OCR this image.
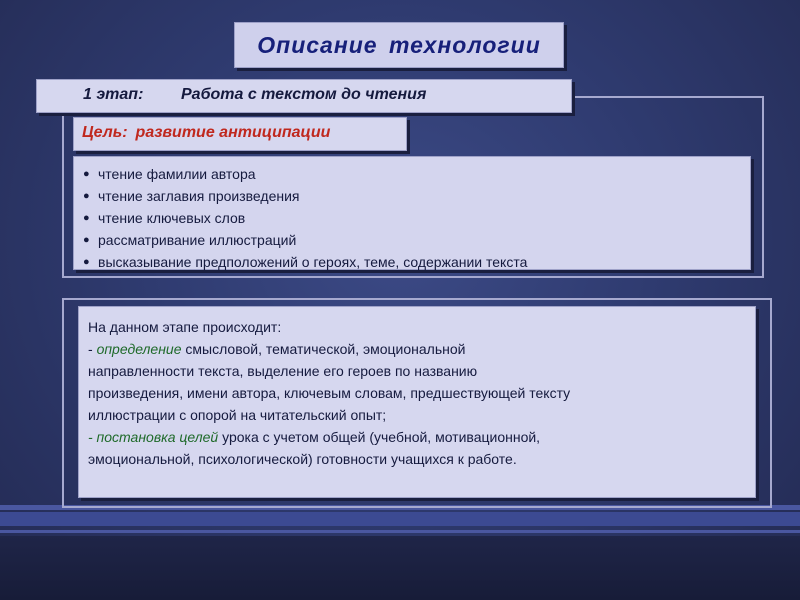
Описание технологии
1 этап: Работа с текстом до чтения
Цель: развитие антиципации
● чтение фамилии автора
● чтение заглавия произведения
● чтение ключевых слов
● рассматривание иллюстраций
● высказывание предположений о героях, теме, содержании текста
На данном этапе происходит:
- определение смысловой, тематической, эмоциональной
направленности текста, выделение его героев по названию
произведения, имени автора, ключевым словам, предшествующей тексту
иллюстрации с опорой на читательский опыт;
- постановка целей урока с учетом общей (учебной, мотивационной,
эмоциональной, психологической) готовности учащихся к работе.
